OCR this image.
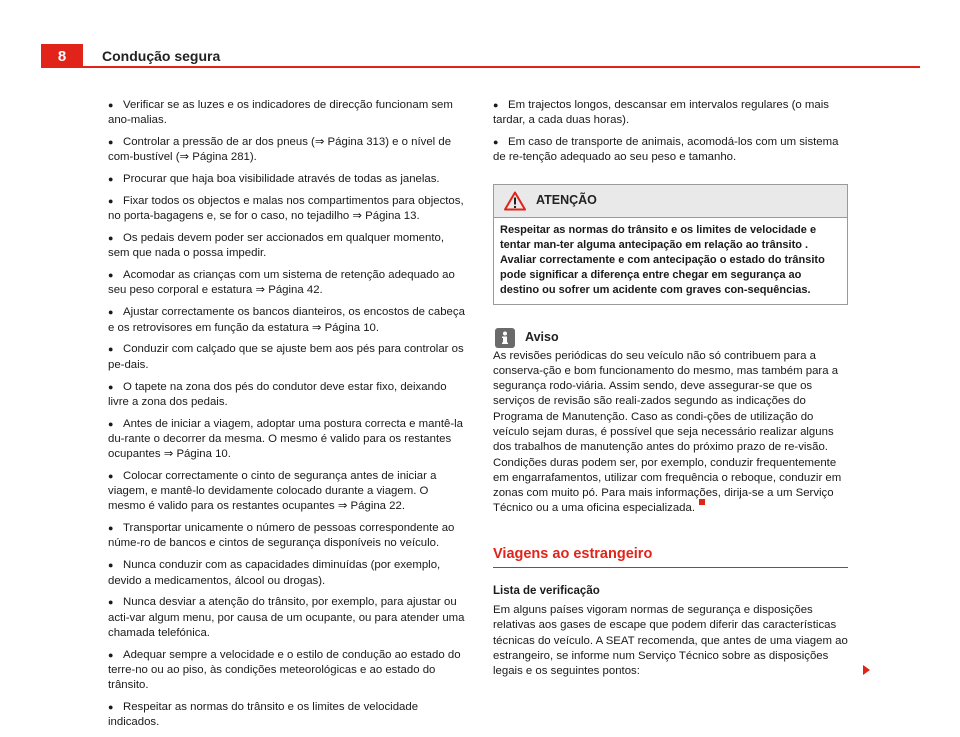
8	Condução segura
● Verificar se as luzes e os indicadores de direcção funcionam sem ano-malias.
● Controlar a pressão de ar dos pneus (⇒ Página 313) e o nível de com-bustível (⇒ Página 281).
● Procurar que haja boa visibilidade através de todas as janelas.
● Fixar todos os objectos e malas nos compartimentos para objectos, no porta-bagagens e, se for o caso, no tejadilho ⇒ Página 13.
● Os pedais devem poder ser accionados em qualquer momento, sem que nada o possa impedir.
● Acomodar as crianças com um sistema de retenção adequado ao seu peso corporal e estatura ⇒ Página 42.
● Ajustar correctamente os bancos dianteiros, os encostos de cabeça e os retrovisores em função da estatura ⇒ Página 10.
● Conduzir com calçado que se ajuste bem aos pés para controlar os pe-dais.
● O tapete na zona dos pés do condutor deve estar fixo, deixando livre a zona dos pedais.
● Antes de iniciar a viagem, adoptar uma postura correcta e mantê-la du-rante o decorrer da mesma. O mesmo é valido para os restantes ocupantes ⇒ Página 10.
● Colocar correctamente o cinto de segurança antes de iniciar a viagem, e mantê-lo devidamente colocado durante a viagem. O mesmo é valido para os restantes ocupantes ⇒ Página 22.
● Transportar unicamente o número de pessoas correspondente ao núme-ro de bancos e cintos de segurança disponíveis no veículo.
● Nunca conduzir com as capacidades diminuídas (por exemplo, devido a medicamentos, álcool ou drogas).
● Nunca desviar a atenção do trânsito, por exemplo, para ajustar ou acti-var algum menu, por causa de um ocupante, ou para atender uma chamada telefónica.
● Adequar sempre a velocidade e o estilo de condução ao estado do terre-no ou ao piso, às condições meteorológicas e ao estado do trânsito.
● Respeitar as normas do trânsito e os limites de velocidade indicados.
● Em trajectos longos, descansar em intervalos regulares (o mais tardar, a cada duas horas).
● Em caso de transporte de animais, acomodá-los com um sistema de re-tenção adequado ao seu peso e tamanho.
ATENÇÃO
Respeitar as normas do trânsito e os limites de velocidade e tentar man-ter alguma antecipação em relação ao trânsito . Avaliar correctamente e com antecipação o estado do trânsito pode significar a diferença entre chegar em segurança ao destino ou sofrer um acidente com graves con-sequências.
Aviso
As revisões periódicas do seu veículo não só contribuem para a conserva-ção e bom funcionamento do mesmo, mas também para a segurança rodo-viária. Assim sendo, deve assegurar-se que os serviços de revisão são reali-zados segundo as indicações do Programa de Manutenção. Caso as condi-ções de utilização do veículo sejam duras, é possível que seja necessário realizar alguns dos trabalhos de manutenção antes do próximo prazo de re-visão. Condições duras podem ser, por exemplo, conduzir frequentemente em engarrafamentos, utilizar com frequência o reboque, conduzir em zonas com muito pó. Para mais informações, dirija-se a um Serviço Técnico ou a uma oficina especializada.
Viagens ao estrangeiro
Lista de verificação
Em alguns países vigoram normas de segurança e disposições relativas aos gases de escape que podem diferir das características técnicas do veículo. A SEAT recomenda, que antes de uma viagem ao estrangeiro, se informe num Serviço Técnico sobre as disposições legais e os seguintes pontos:
